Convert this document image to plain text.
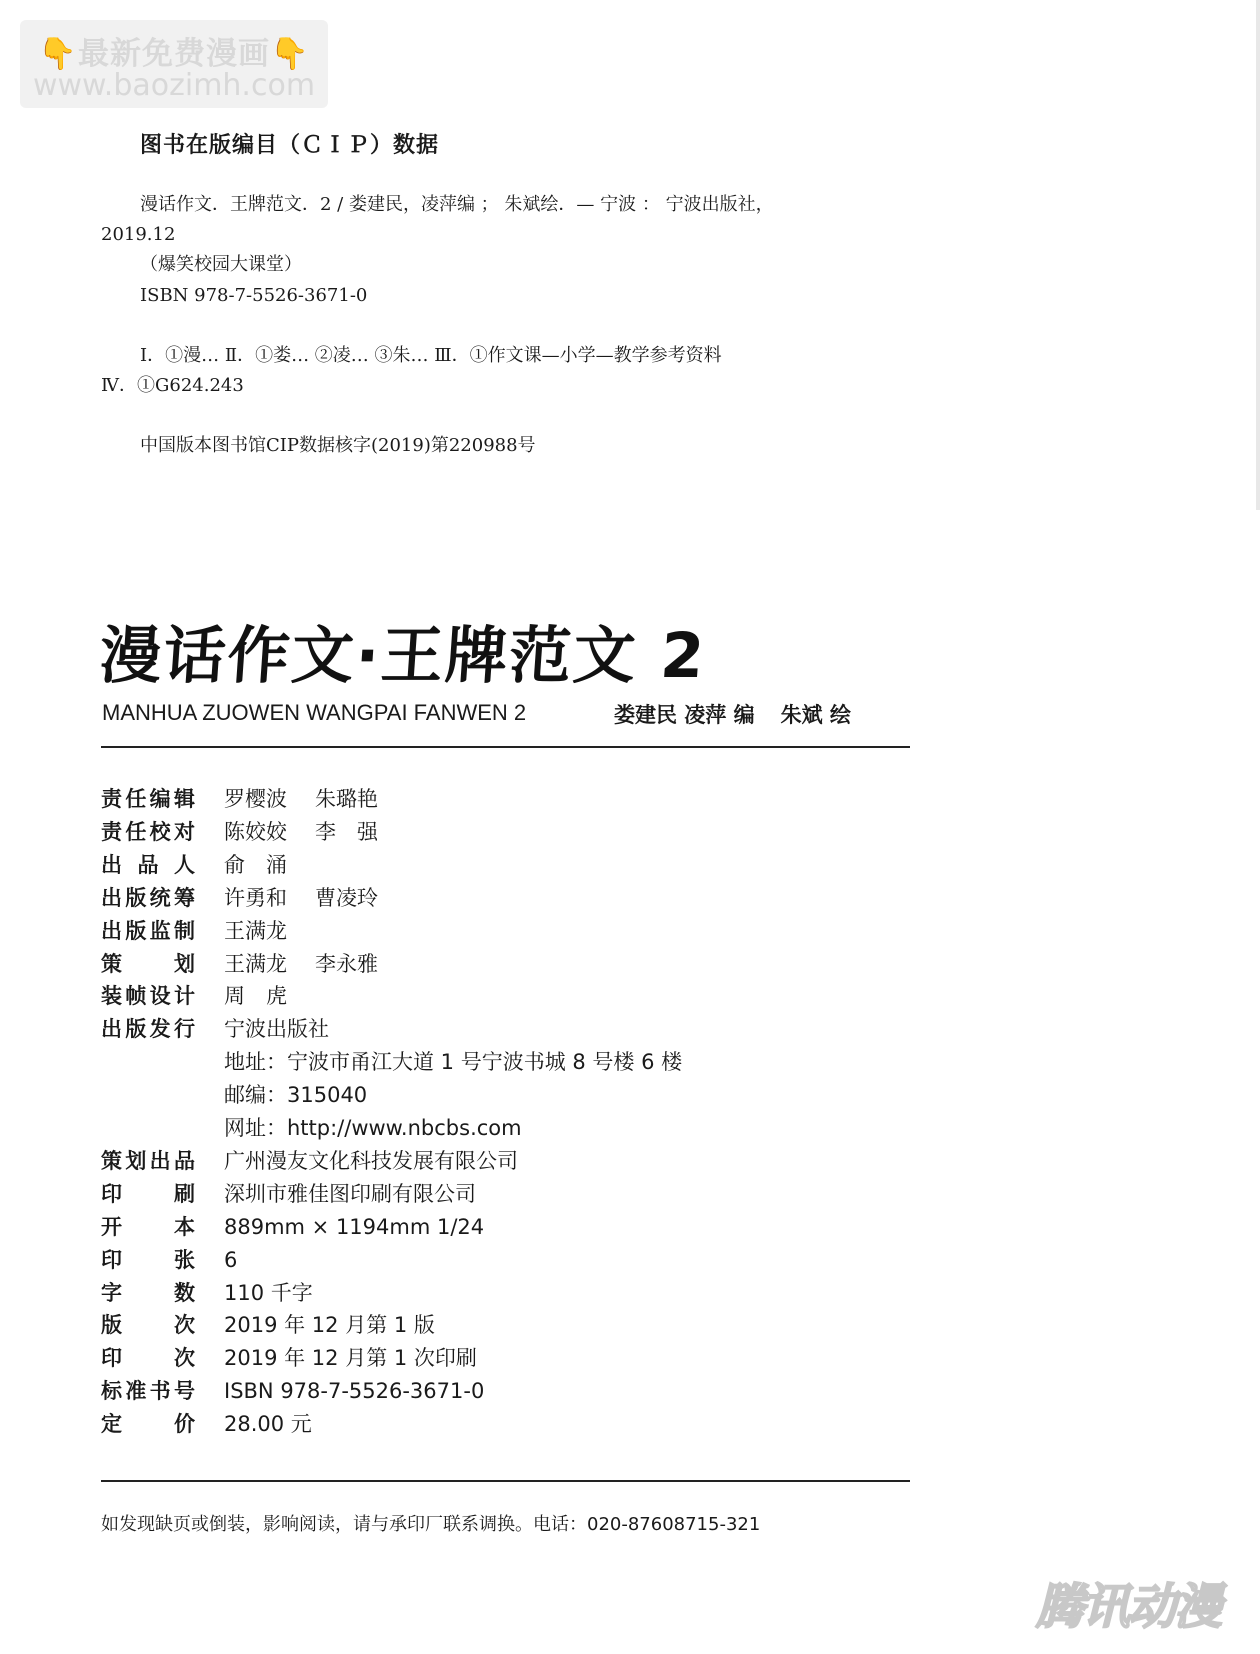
👇最新免费漫画👇
www.baozimh.com
图书在版编目（ＣＩＰ）数据
漫话作文．王牌范文．2 / 娄建民，凌萍编 ； 朱斌绘．— 宁波 ： 宁波出版社，
2019.12
（爆笑校园大课堂）
ISBN 978-7-5526-3671-0
Ⅰ．①漫… Ⅱ．①娄… ②凌… ③朱… Ⅲ．①作文课—小学—教学参考资料
Ⅳ．①G624.243
中国版本图书馆CIP数据核字(2019)第220988号
漫话作文·王牌范文 2
MANHUA ZUOWEN WANGPAI FANWEN 2	娄建民 凌萍 编 朱斌 绘
责 任 编 辑 罗樱波 朱璐艳
责 任 校 对 陈姣姣 李　强
出 品 人 俞　涌
出 版 统 筹 许勇和 曹凌玲
出 版 监 制 王满龙
策 划 王满龙 李永雅
装 帧 设 计 周　虎
出 版 发 行 宁波出版社
地址：宁波市甬江大道 1 号宁波书城 8 号楼 6 楼
邮编：315040
网址：http://www.nbcbs.com
策 划 出 品 广州漫友文化科技发展有限公司
印 刷 深圳市雅佳图印刷有限公司
开 本 889mm × 1194mm 1/24
印 张 6
字 数 110 千字
版 次 2019 年 12 月第 1 版
印 次 2019 年 12 月第 1 次印刷
标 准 书 号 ISBN 978-7-5526-3671-0
定 价 28.00 元
如发现缺页或倒装，影响阅读，请与承印厂联系调换。电话：020-87608715-321
腾讯动漫
